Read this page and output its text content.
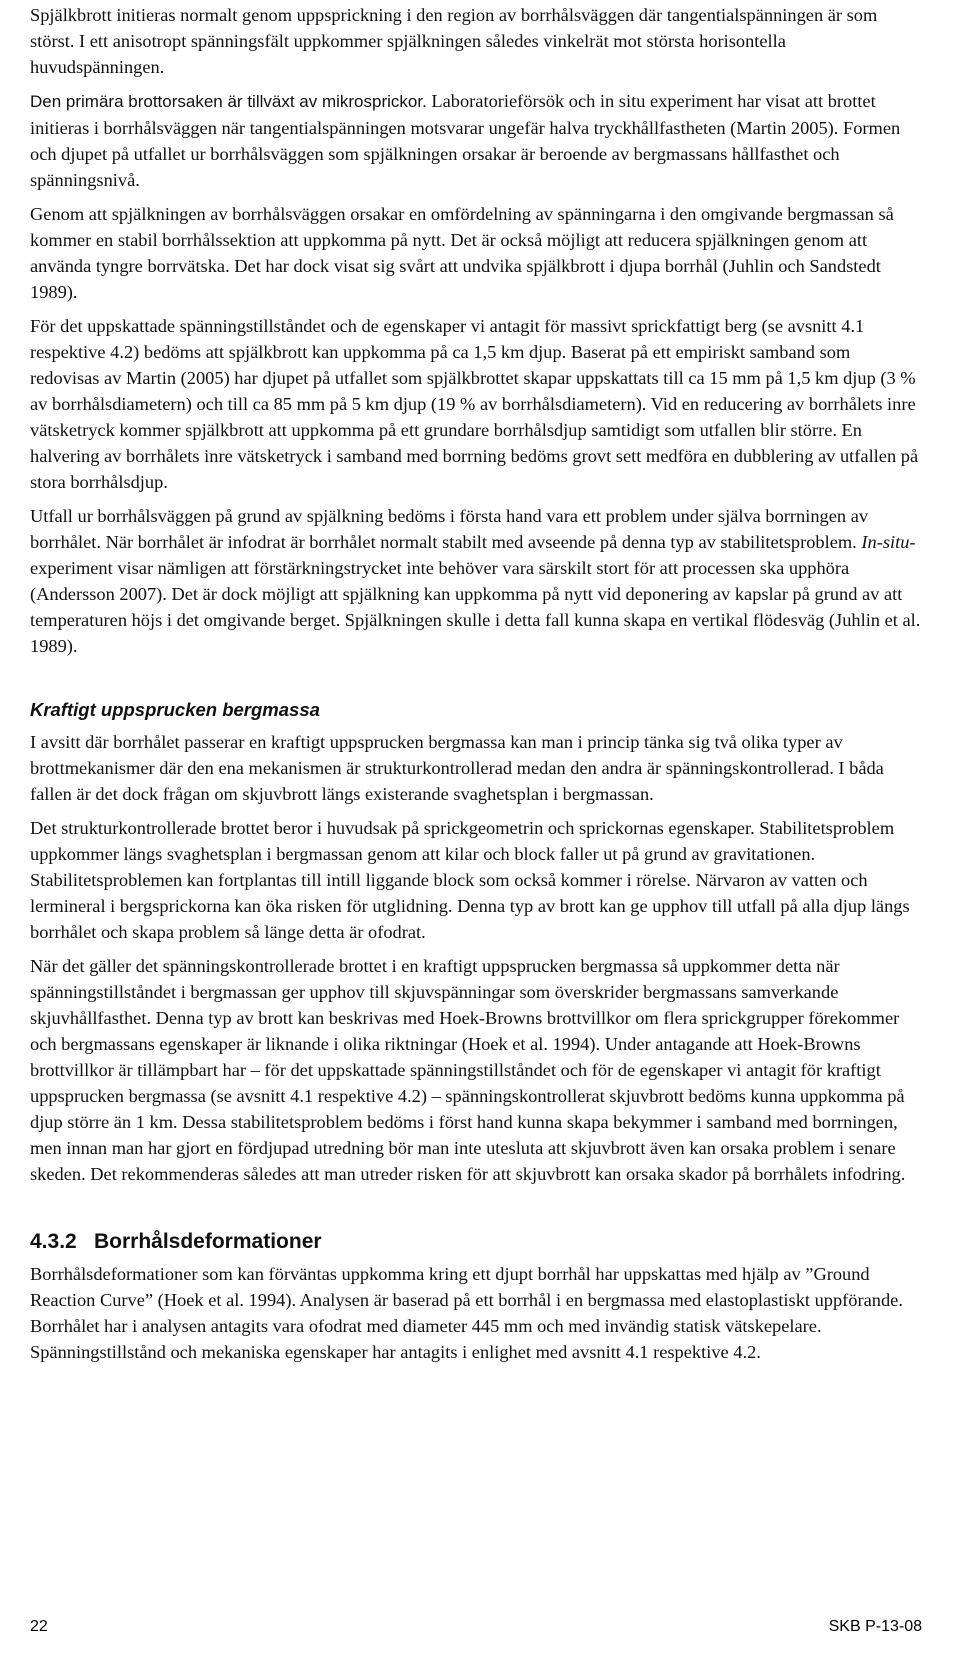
Spjälkbrott initieras normalt genom uppsprickning i den region av borrhålsväggen där tangentialspänningen är som störst. I ett anisotropt spänningsfält uppkommer spjälkningen således vinkelrät mot största horisontella huvudspänningen.

Den primära brottorsaken är tillväxt av mikrosprickor. Laboratorieförsök och in situ experiment har visat att brottet initieras i borrhålsväggen när tangentialspänningen motsvarar ungefär halva tryckhållfastheten (Martin 2005). Formen och djupet på utfallet ur borrhålsväggen som spjälkningen orsakar är beroende av bergmassans hållfasthet och spänningsnivå.

Genom att spjälkningen av borrhålsväggen orsakar en omfördelning av spänningarna i den omgivande bergmassan så kommer en stabil borrhålssektion att uppkomma på nytt. Det är också möjligt att reducera spjälkningen genom att använda tyngre borrvätska. Det har dock visat sig svårt att undvika spjälkbrott i djupa borrhål (Juhlin och Sandstedt 1989).

För det uppskattade spänningstillståndet och de egenskaper vi antagit för massivt sprickfattigt berg (se avsnitt 4.1 respektive 4.2) bedöms att spjälkbrott kan uppkomma på ca 1,5 km djup. Baserat på ett empiriskt samband som redovisas av Martin (2005) har djupet på utfallet som spjälkbrottet skapar uppskattats till ca 15 mm på 1,5 km djup (3 % av borrhålsdiametern) och till ca 85 mm på 5 km djup (19 % av borrhålsdiametern). Vid en reducering av borrhålets inre vätsketryck kommer spjälkbrott att uppkomma på ett grundare borrhålsdjup samtidigt som utfallen blir större. En halvering av borrhålets inre vätsketryck i samband med borrning bedöms grovt sett medföra en dubblering av utfallen på stora borrhålsdjup.

Utfall ur borrhålsväggen på grund av spjälkning bedöms i första hand vara ett problem under själva borrningen av borrhålet. När borrhålet är infodrat är borrhålet normalt stabilt med avseende på denna typ av stabilitetsproblem. In-situ-experiment visar nämligen att förstärkningstrycket inte behöver vara särskilt stort för att processen ska upphöra (Andersson 2007). Det är dock möjligt att spjälkning kan uppkomma på nytt vid deponering av kapslar på grund av att temperaturen höjs i det omgivande berget. Spjälkningen skulle i detta fall kunna skapa en vertikal flödesväg (Juhlin et al. 1989).

Kraftigt uppsprucken bergmassa

I avsitt där borrhålet passerar en kraftigt uppsprucken bergmassa kan man i princip tänka sig två olika typer av brottmekanismer där den ena mekanismen är strukturkontrollerad medan den andra är spänningskontrollerad. I båda fallen är det dock frågan om skjuvbrott längs existerande svaghetsplan i bergmassan.

Det strukturkontrollerade brottet beror i huvudsak på sprickgeometrin och sprickornas egenskaper. Stabilitetsproblem uppkommer längs svaghetsplan i bergmassan genom att kilar och block faller ut på grund av gravitationen. Stabilitetsproblemen kan fortplantas till intill liggande block som också kommer i rörelse. Närvaron av vatten och lermineral i bergsprickorna kan öka risken för utglidning. Denna typ av brott kan ge upphov till utfall på alla djup längs borrhålet och skapa problem så länge detta är ofodrat.

När det gäller det spänningskontrollerade brottet i en kraftigt uppsprucken bergmassa så uppkommer detta när spänningstillståndet i bergmassan ger upphov till skjuvspänningar som överskrider bergmassans samverkande skjuvhållfasthet. Denna typ av brott kan beskrivas med Hoek-Browns brottvillkor om flera sprickgrupper förekommer och bergmassans egenskaper är liknande i olika riktningar (Hoek et al. 1994). Under antagande att Hoek-Browns brottvillkor är tillämpbart har – för det uppskattade spänningstillståndet och för de egenskaper vi antagit för kraftigt uppsprucken bergmassa (se avsnitt 4.1 respektive 4.2) – spänningskontrollerat skjuvbrott bedöms kunna uppkomma på djup större än 1 km. Dessa stabilitetsproblem bedöms i först hand kunna skapa bekymmer i samband med borrningen, men innan man har gjort en fördjupad utredning bör man inte utesluta att skjuvbrott även kan orsaka problem i senare skeden. Det rekommenderas således att man utreder risken för att skjuvbrott kan orsaka skador på borrhålets infodring.

4.3.2 Borrhålsdeformationer

Borrhålsdeformationer som kan förväntas uppkomma kring ett djupt borrhål har uppskattas med hjälp av ”Ground Reaction Curve” (Hoek et al. 1994). Analysen är baserad på ett borrhål i en bergmassa med elastoplastiskt uppförande. Borrhålet har i analysen antagits vara ofodrat med diameter 445 mm och med invändig statisk vätskepelare. Spänningstillstånd och mekaniska egenskaper har antagits i enlighet med avsnitt 4.1 respektive 4.2.

22	SKB P-13-08
